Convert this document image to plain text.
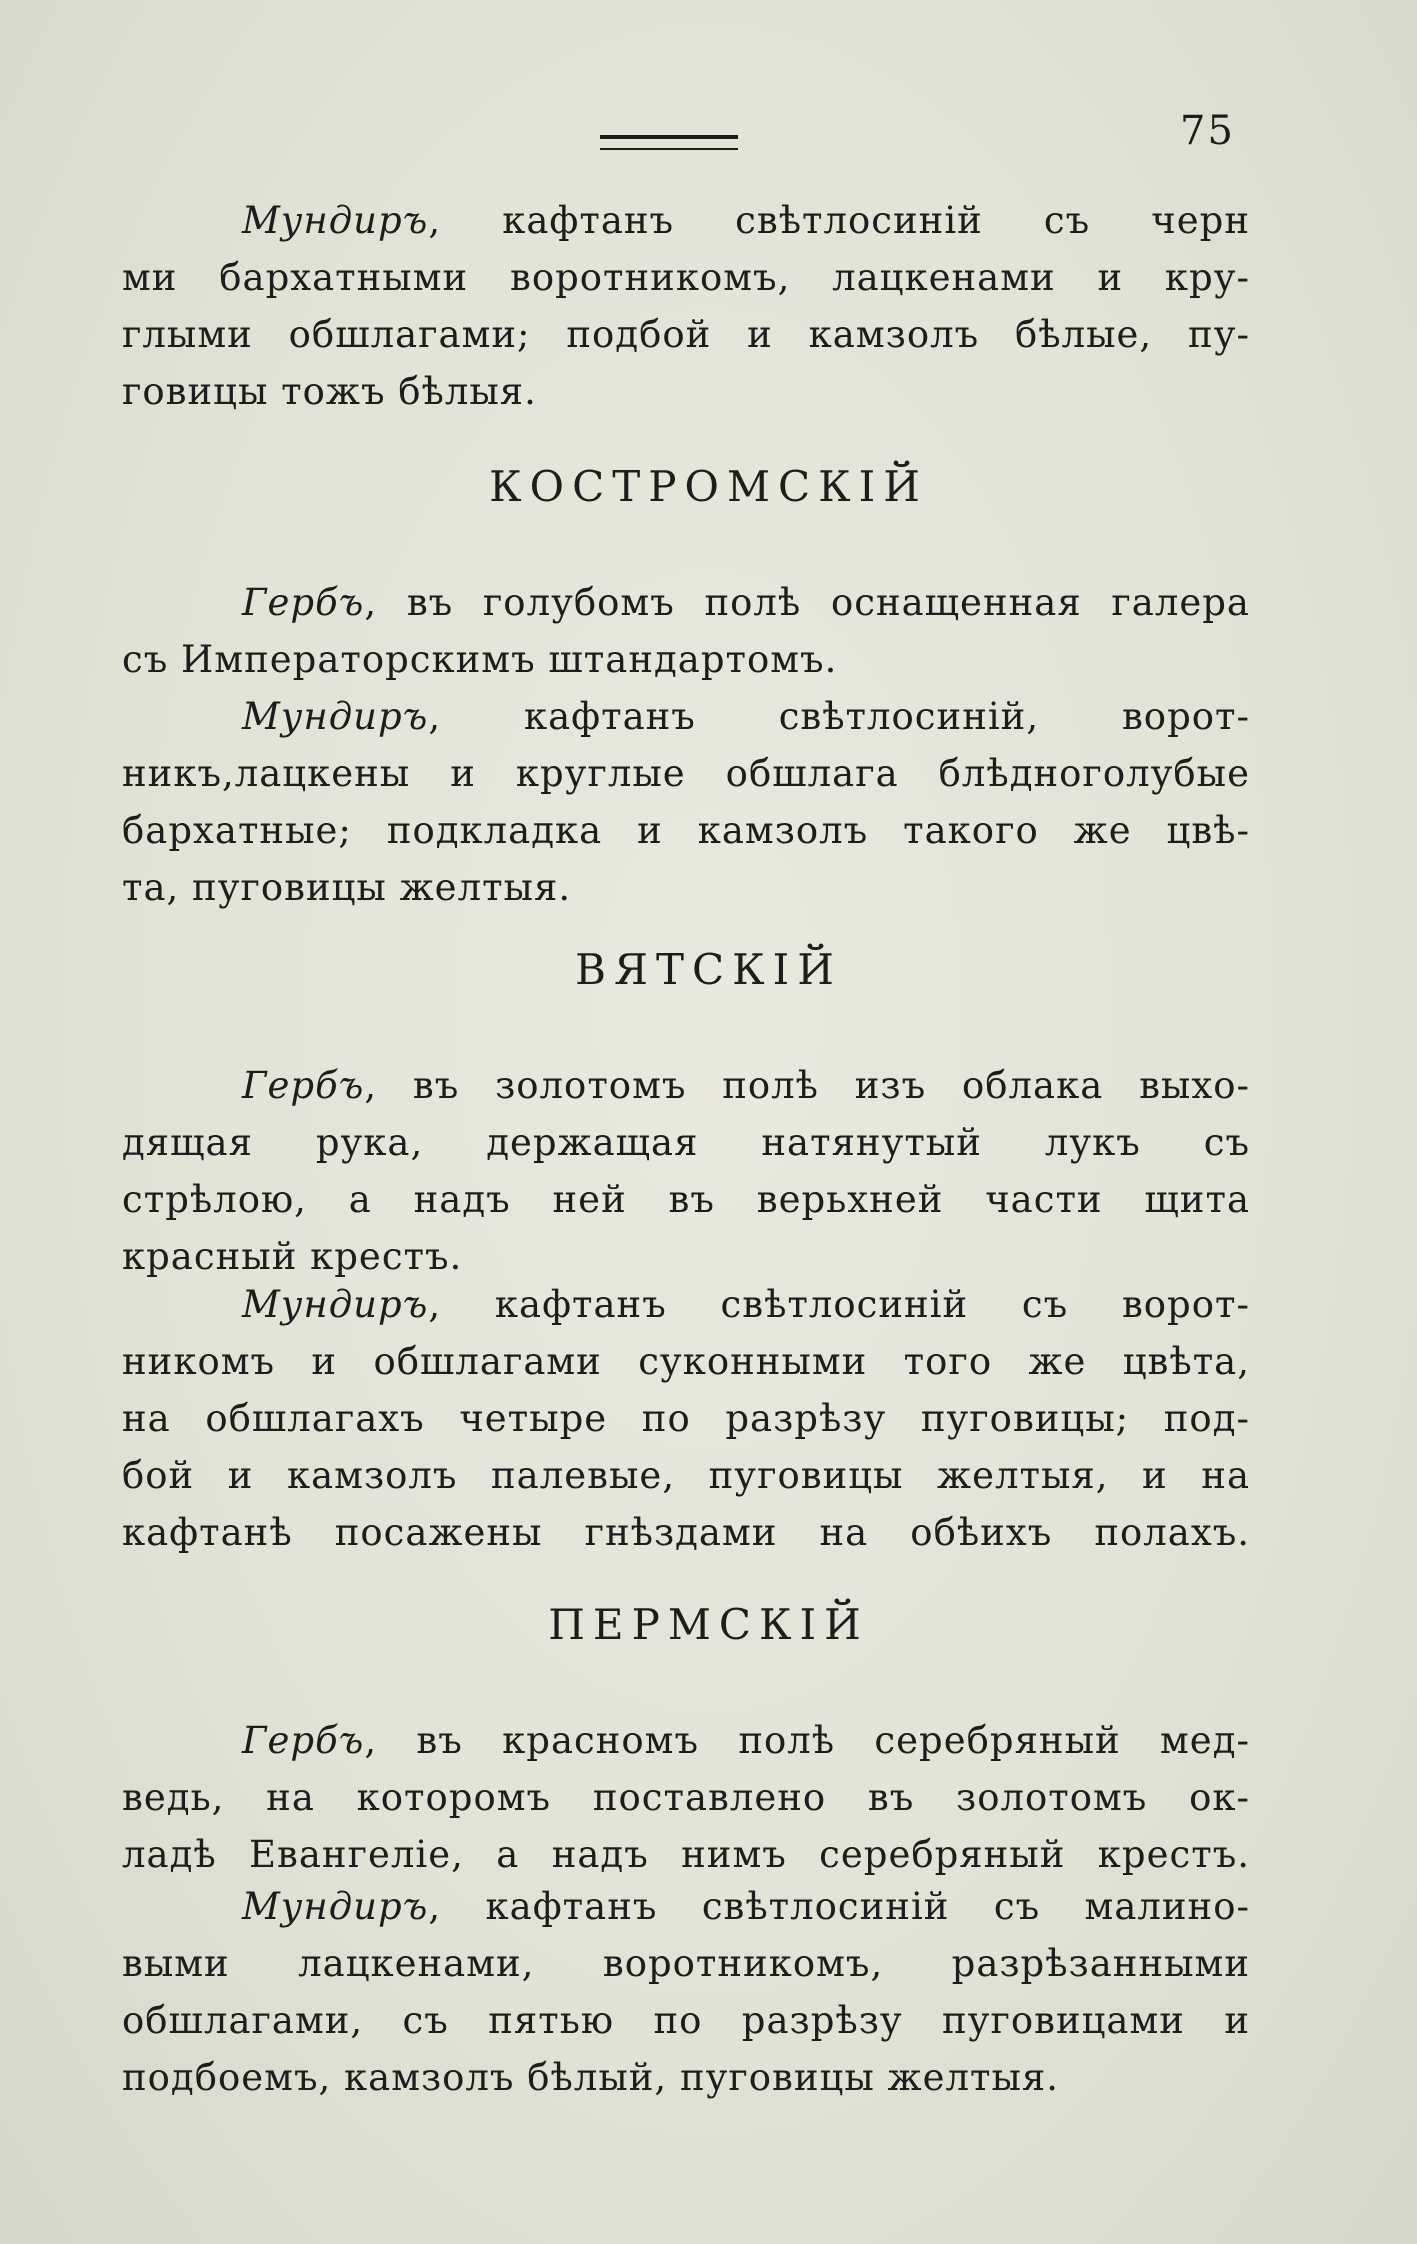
75
Мундиръ, кафтанъ свѣтлосиній съ черн
ми бархатными воротникомъ, лацкенами и кру-
глыми обшлагами; подбой и камзолъ бѣлые, пу-
говицы тожъ бѣлыя.
КОСТРОМСКІЙ
Гербъ, въ голубомъ полѣ оснащенная галера
съ Императорскимъ штандартомъ.
Мундиръ, кафтанъ свѣтлосиній, ворот-
никъ,лацкены и круглые обшлага блѣдноголубые
бархатные; подкладка и камзолъ такого же цвѣ-
та, пуговицы желтыя.
ВЯТСКІЙ
Гербъ, въ золотомъ полѣ изъ облака выхо-
дящая рука, держащая натянутый лукъ съ
стрѣлою, а надъ ней въ верьхней части щита
красный крестъ.
Мундиръ, кафтанъ свѣтлосиній съ ворот-
никомъ и обшлагами суконными того же цвѣта,
на обшлагахъ четыре по разрѣзу пуговицы; под-
бой и камзолъ палевые, пуговицы желтыя, и на
кафтанѣ посажены гнѣздами на обѣихъ полахъ.
ПЕРМСКІЙ
Гербъ, въ красномъ полѣ серебряный мед-
ведь, на которомъ поставлено въ золотомъ ок-
ладѣ Евангеліе, а надъ нимъ серебряный крестъ.
Мундиръ, кафтанъ свѣтлосиній съ малино-
выми лацкенами, воротникомъ, разрѣзанными
обшлагами, съ пятью по разрѣзу пуговицами и
подбоемъ, камзолъ бѣлый, пуговицы желтыя.
